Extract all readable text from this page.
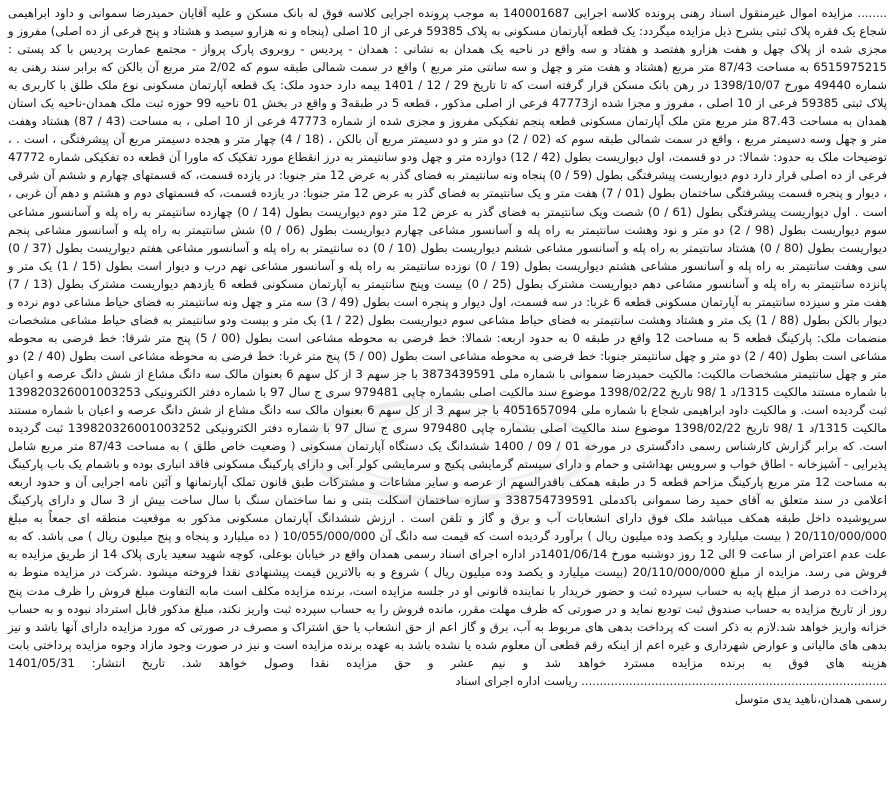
........ مزایده اموال غیرمنقول اسناد رهنی پرونده کلاسه اجرایی 140001687 به موجب پرونده اجرایی کلاسه فوق له بانک مسکن و علیه آقایان حمیدرضا سموانی و داود ابراهیمی شجاع یک فقره پلاک ثبتی بشرح ذیل مزایده میگردد: یک قطعه آپارتمان مسکونی به پلاک 59385 فرعی از 10 اصلی (پنجاه و نه هزارو سیصد و هشتاد و پنج فرعی از ده اصلی) مفروز و مجزی شده از پلاک چهل و هفت هزارو هفتصد و هفتاد و سه واقع در ناحیه یک همدان به نشانی : همدان - پردیس - روبروی پارک پرواز - مجتمع عمارت پردیس با کد پستی : 6515975215 به مساحت 87/43 متر مربع (هشتاد و هفت متر و چهل و سه سانتی متر مربع ) واقع در سمت شمالی طبقه سوم که 2/02 متر مربع آن بالکن که برابر سند رهنی به شماره 49440 مورخ 1398/10/07 در رهن بانک مسکن قرار گرفته است که تا تاریخ 29 / 12 / 1401 بیمه دارد حدود ملک: یک قطعه آپارتمان مسکونی نوع ملک طلق با کاربری به پلاک ثبتی 59385 فرعی از 10 اصلی ، مفروز و مجزا شده از47773 فرعی از اصلی مذکور ، قطعه 5 در طبقه3 و واقع در بخش 01 ناحیه 99 حوزه ثبت ملک همدان-ناحیه یک استان همدان به مساحت 87.43 متر مربع متن ملک آپارتمان مسکونی قطعه پنجم تفکیکی مفروز و مجزی شده از شماره 47773 فرعی از 10 اصلی ، به مساحت (43 / 87) هشتاد وهفت متر و چهل وسه دسیمتر مربع ، واقع در سمت شمالی طبقه سوم که (02 / 2) دو متر و دو دسیمتر مربع آن بالکن ، (18 / 4) چهار متر و هجده دسیمتر مربع آن پیشرفتگی ، است . ، توضیحات ملک به حدود: شمالا: در دو قسمت، اول دیواریست بطول (42 / 12) دوازده متر و چهل ودو سانتیمتر به درز انقطاع مورد تفکیک که ماورا آن قطعه ده تفکیکی شماره 47772 فرعی از ده اصلی قرار دارد دوم دیواریست پیشرفتگی بطول (59 / 0) پنجاه ونه سانتیمتر به فضای گذر به عرض 12 متر جنوبا: در یازده قسمت، که قسمتهای چهارم و ششم آن شرقی ، دیوار و پنجره قسمت پیشرفتگی ساختمان بطول (01 / 7) هفت متر و یک سانتیمتر به فضای گذر به عرض 12 متر جنوبا: در یازده قسمت، که قسمتهای دوم و هشتم و دهم آن غربی ، است . اول دیواریست پیشرفتگی بطول (61 / 0) شصت ویک سانتیمتر به فضای گذر به عرض 12 متر دوم دیواریست بطول (14 / 0) چهارده سانتیمتر به راه پله و آسانسور مشاعی سوم دیواریست بطول (98 / 2) دو متر و نود وهشت سانتیمتر به راه پله و آسانسور مشاعی چهارم دیواریست بطول (06 / 0) شش سانتیمتر به راه پله و آسانسور مشاعی پنجم دیواریست بطول (80 / 0) هشتاد سانتیمتر به راه پله و آسانسور مشاعی ششم دیواریست بطول (10 / 0) ده سانتیمتر به راه پله و آسانسور مشاعی هفتم دیواریست بطول (37 / 0) سی وهفت سانتیمتر به راه پله و آسانسور مشاعی هشتم دیواریست بطول (19 / 0) نوزده سانتیمتر به راه پله و آسانسور مشاعی نهم درب و دیوار است بطول (15 / 1) یک متر و پانزده سانتیمتر به راه پله و آسانسور مشاعی دهم دیواریست مشترک بطول (25 / 0) بیست وپنج سانتیمتر به آپارتمان مسکونی قطعه 6 یازدهم دیواریست مشترک بطول (13 / 7) هفت متر و سیزده سانتیمتر به آپارتمان مسکونی قطعه 6 غربا: در سه قسمت، اول دیوار و پنجره است بطول (49 / 3) سه متر و چهل ونه سانتیمتر به فضای حیاط مشاعی دوم نرده و دیوار بالکن بطول (88 / 1) یک متر و هشتاد وهشت سانتیمتر به فضای حیاط مشاعی سوم دیواریست بطول (22 / 1) یک متر و بیست ودو سانتیمتر به فضای حیاط مشاعی مشخصات منضمات ملک: پارکینگ قطعه 5 به مساحت 12 واقع در طبقه 0 به حدود اربعه: شمالا: خط فرضی به محوطه مشاعی است بطول (00 / 5) پنج متر شرقا: خط فرضی به محوطه مشاعی است بطول (40 / 2) دو متر و چهل سانتیمتر جنوبا: خط فرضی به محوطه مشاعی است بطول (00 / 5) پنج متر غربا: خط فرضی به محوطه مشاعی است بطول (40 / 2) دو متر و چهل سانتیمتر مشخصات مالکیت: مالکیت حمیدرضا سموانی با شماره ملی 3873439591 با جز سهم 3 از کل سهم 6 بعنوان مالک سه دانگ مشاع از شش دانگ عرصه و اعیان با شماره مستند مالکیت 1315/د 1 /98 تاریخ 1398/02/22 موضوع سند مالکیت اصلی بشماره چاپی 979481 سری ج سال 97 با شماره دفتر الکترونیکی 139820326001003253 ثبت گردیده است. و مالکیت داود ابراهیمی شجاع با شماره ملی 4051657094 با جز سهم 3 از کل سهم 6 بعنوان مالک سه دانگ مشاع از شش دانگ عرصه و اعیان با شماره مستند مالکیت 1315/د 1 /98 تاریخ 1398/02/22 موضوع سند مالکیت اصلی بشماره چاپی 979480 سری ج سال 97 با شماره دفتر الکترونیکی 139820326001003252 ثبت گردیده است. که برابر گزارش کارشناس رسمی دادگستری در مورخه 01 / 09 / 1400 ششدانگ یک دستگاه آپارتمان مسکونی ( وضعیت خاص طلق ) به مساحت 87/43 متر مربع شامل پذیرایی - آشپزخانه - اطاق خواب و سرویس بهداشتی و حمام و دارای سیستم گرمایشی پکیج و سرمایشی کولر آبی و دارای پارکینگ مسکونی فاقد انباری بوده و باشمام یک باب پارکینگ به مساحت 12 متر مربع پارکینگ مزاحم قطعه 5 در طبقه همکف باقدرالسهم از عرصه و سایر مشاعات و مشترکات طبق قانون تملک آپارتمانها و آئین نامه اجرایی آن و حدود اربعه اعلامی در سند متعلق به آقای حمید رضا سموانی باکدملی 338754739591 و سازه ساختمان اسکلت بتنی و نما ساختمان سنگ با سال ساخت بیش از 3 سال و دارای پارکینگ سرپوشیده داخل طبقه همکف میباشد ملک فوق دارای انشعابات آب و برق و گاز و تلفن است . ارزش ششدانگ آپارتمان مسکونی مذکور به موقعیت منطقه ای جمعاً به مبلغ 20/110/000/000 ( بیست میلیارد و یکصد وده میلیون ریال ) برآورد گردیده است که قیمت سه دانگ آن 10/055/000/000 ( ده میلیارد و پنجاه و پنج میلیون ریال ) می باشد. که به علت عدم اعتراض از ساعت 9 الی 12 روز دوشنبه مورخ 1401/06/14در اداره اجرای اسناد رسمی همدان واقع در خیابان بوعلی، کوچه شهید سعید یاری پلاک 14 از طریق مزایده به فروش می رسد. مزایده از مبلغ 20/110/000/000 (بیست میلیارد و یکصد وده میلیون ریال ) شروع و به بالاترین قیمت پیشنهادی نقدا فروخته میشود .شرکت در مزایده منوط به پرداخت ده درصد از مبلغ پایه به حساب سپرده ثبت و حضور خریدار با نماینده قانونی او در جلسه مزایده است، برنده مزایده مکلف است مابه التفاوت مبلغ فروش را ظرف مدت پنج روز از تاریخ مزایده به حساب صندوق ثبت تودیع نماید و در صورتی که ظرف مهلت مقرر، مانده فروش را به حساب سپرده ثبت واریز نکند، مبلغ مذکور قابل استرداد نبوده و به حساب خزانه واریز خواهد شد.لازم به ذکر است که پرداخت بدهی های مربوط به آب، برق و گاز اعم از حق انشعاب یا حق اشتراک و مصرف در صورتی که مورد مزایده دارای آنها باشد و نیز بدهی های مالیاتی و عوارض شهرداری و غیره اعم از اینکه رقم قطعی آن معلوم شده یا نشده باشد به عهده برنده مزایده است و نیز در صورت وجود مازاد وجوه مزایده پرداختی بابت هزینه های فوق به برنده مزایده مسترد خواهد شد و نیم عشر و حق مزایده نقدا وصول خواهد شد. تاریخ انتشار: 1401/05/31 ................................................................................... ریاست اداره اجرای اسناد

رسمی همدان،ناهید یدی متوسل
